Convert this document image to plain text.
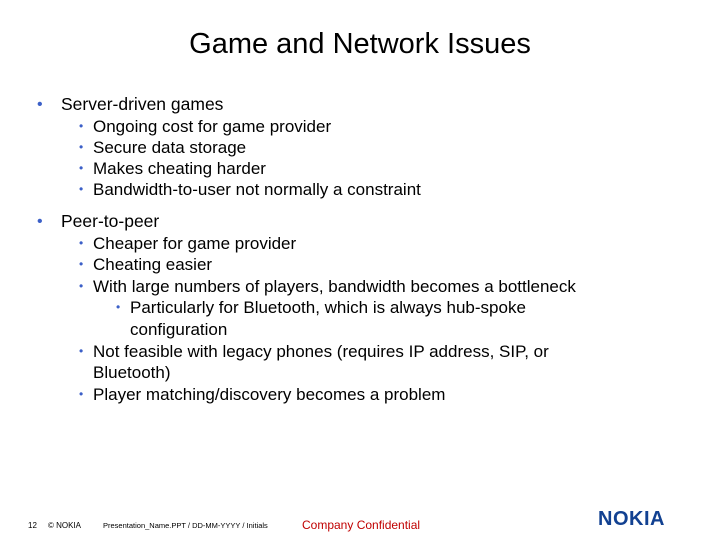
Game and Network Issues
• Server-driven games
• Ongoing cost for game provider
• Secure data storage
• Makes cheating harder
• Bandwidth-to-user not normally a constraint
• Peer-to-peer
• Cheaper for game provider
• Cheating easier
• With large numbers of players, bandwidth becomes a bottleneck
• Particularly for Bluetooth, which is always hub-spoke
configuration
• Not feasible with legacy phones (requires IP address, SIP, or
Bluetooth)
• Player matching/discovery becomes a problem
12 © NOKIA	Presentation_Name.PPT / DD-MM-YYYY / Initials	Company Confidential	NOKIA
